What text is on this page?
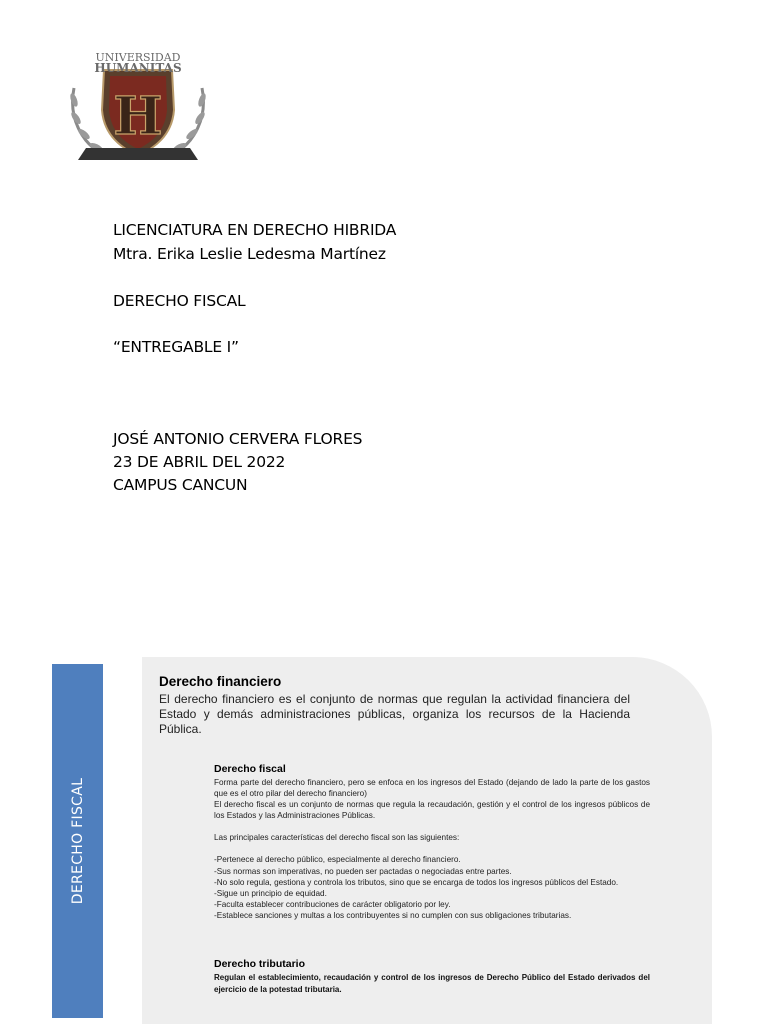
H
UNIVERSIDAD
HUMANITAS
LICENCIATURA EN DERECHO HIBRIDA
Mtra. Erika Leslie Ledesma Martínez
DERECHO FISCAL
“ENTREGABLE I”
JOSÉ ANTONIO CERVERA FLORES
23 DE ABRIL DEL 2022
CAMPUS CANCUN
DERECHO FISCAL
Derecho financiero
El derecho financiero es el conjunto de normas que regulan la actividad financiera del Estado y demás administraciones públicas, organiza los recursos de la Hacienda Pública.
Derecho fiscal
Forma parte del derecho financiero, pero se enfoca en los ingresos del Estado (dejando de lado la parte de los gastos que es el otro pilar del derecho financiero)
El derecho fiscal es un conjunto de normas que regula la recaudación, gestión y el control de los ingresos públicos de los Estados y las Administraciones Públicas.
Las principales características del derecho fiscal son las siguientes:
-Pertenece al derecho público, especialmente al derecho financiero.
-Sus normas son imperativas, no pueden ser pactadas o negociadas entre partes.
-No solo regula, gestiona y controla los tributos, sino que se encarga de todos los ingresos públicos del Estado.
-Sigue un principio de equidad.
-Faculta establecer contribuciones de carácter obligatorio por ley.
-Establece sanciones y multas a los contribuyentes si no cumplen con sus obligaciones tributarias.
Derecho tributario
Regulan el establecimiento, recaudación y control de los ingresos de Derecho Público del Estado derivados del ejercicio de la potestad tributaria.
